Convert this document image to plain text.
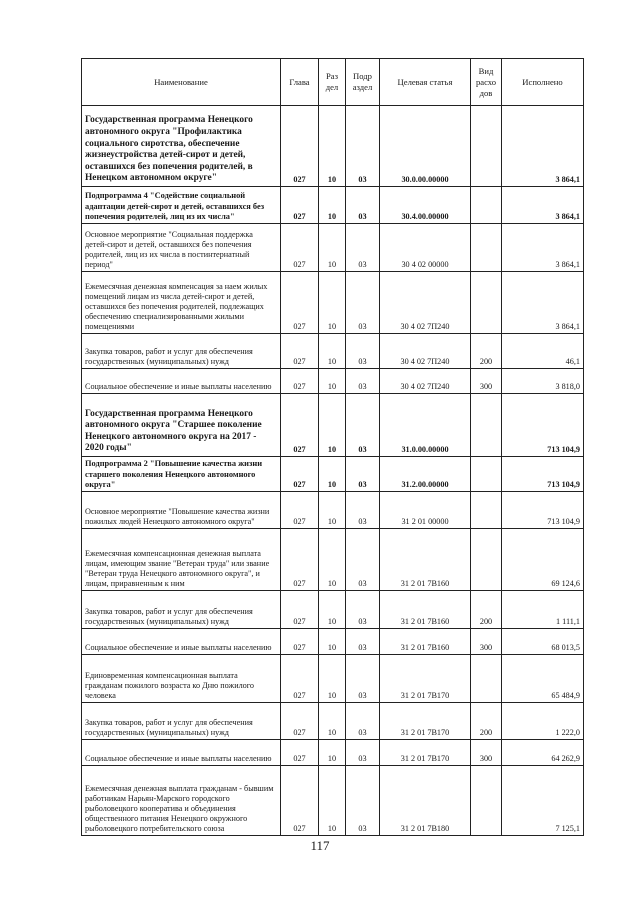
Наименование	Глава	Раз дел	Подр аздел	Целевая статья	Вид расхо дов	Исполнено
Государственная программа Ненецкого автономного округа "Профилактика социального сиротства, обеспечение жизнеустройства детей-сирот и детей, оставшихся без попечения родителей, в Ненецком автономном округе"	027	10	03	30.0.00.00000		3 864,1
Подпрограмма 4 "Содействие социальной адаптации детей-сирот и детей, оставшихся без попечения родителей, лиц из их числа"	027	10	03	30.4.00.00000		3 864,1
Основное мероприятие "Социальная поддержка детей-сирот и детей, оставшихся без попечения родителей, лиц из их числа в постинтернатный период"	027	10	03	30 4 02 00000		3 864,1
Ежемесячная денежная компенсация за наем жилых помещений лицам из числа детей-сирот и детей, оставшихся без попечения родителей, подлежащих обеспечению специализированными жилыми помещениями	027	10	03	30 4 02 7П240		3 864,1
Закупка товаров, работ и услуг для обеспечения государственных (муниципальных) нужд	027	10	03	30 4 02 7П240	200	46,1
Социальное обеспечение и иные выплаты населению	027	10	03	30 4 02 7П240	300	3 818,0
Государственная программа Ненецкого автономного округа "Старшее поколение Ненецкого автономного округа на 2017 - 2020 годы"	027	10	03	31.0.00.00000		713 104,9
Подпрограмма 2 "Повышение качества жизни старшего поколения Ненецкого автономного округа"	027	10	03	31.2.00.00000		713 104,9
Основное мероприятие "Повышение качества жизни пожилых людей Ненецкого автономного округа"	027	10	03	31 2 01 00000		713 104,9
Ежемесячная компенсационная денежная выплата лицам, имеющим звание "Ветеран труда" или звание "Ветеран труда Ненецкого автономного округа", и лицам, приравненным к ним	027	10	03	31 2 01 7В160		69 124,6
Закупка товаров, работ и услуг для обеспечения государственных (муниципальных) нужд	027	10	03	31 2 01 7В160	200	1 111,1
Социальное обеспечение и иные выплаты населению	027	10	03	31 2 01 7В160	300	68 013,5
Единовременная компенсационная выплата гражданам пожилого возраста ко Дню пожилого человека	027	10	03	31 2 01 7В170		65 484,9
Закупка товаров, работ и услуг для обеспечения государственных (муниципальных) нужд	027	10	03	31 2 01 7В170	200	1 222,0
Социальное обеспечение и иные выплаты населению	027	10	03	31 2 01 7В170	300	64 262,9
Ежемесячная денежная выплата гражданам - бывшим работникам Нарьян-Марского городского рыболовецкого кооператива и объединения общественного питания Ненецкого окружного рыболовецкого потребительского союза	027	10	03	31 2 01 7В180		7 125,1
117
